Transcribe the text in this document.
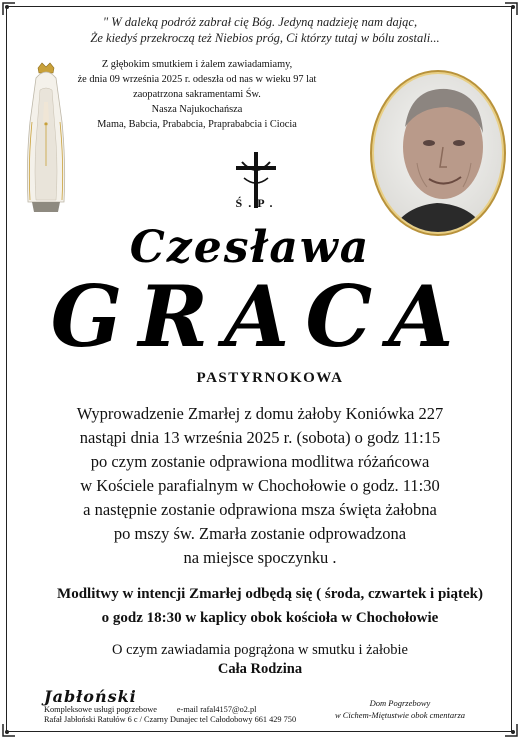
" W daleką podróż zabrał cię Bóg. Jedyną nadzieję nam dając,
Że kiedyś przekroczą też Niebios próg, Ci którzy tutaj w bólu zostali...
Z głębokim smutkiem i żalem zawiadamiamy,
że dnia 09 września 2025 r. odeszła od nas w wieku 97 lat
zaopatrzona sakramentami Św.
Nasza Najukochańsza
Mama, Babcia, Prababcia, Praprababcia i Ciocia
Ś.P.
Czesława
GRACA
PASTYRNOKOWA
Wyprowadzenie Zmarłej z domu żałoby Koniówka 227
nastąpi dnia 13 września 2025 r. (sobota) o godz 11:15
po czym zostanie odprawiona modlitwa różańcowa
w Kościele parafialnym w Chochołowie o godz. 11:30
a następnie zostanie odprawiona msza święta żałobna
po mszy św. Zmarła zostanie odprowadzona
na miejsce spoczynku .
Modlitwy w intencji Zmarłej odbędą się ( środa, czwartek i piątek)
o godz 18:30 w kaplicy obok kościoła w Chochołowie
O czym zawiadamia pogrążona w smutku i żałobie
Cała Rodzina
Jabłoński
Kompleksowe usługi pogrzebowe e-mail rafal4157@o2.pl
Rafał Jabłoński Ratułów 6 c / Czarny Dunajec tel Całodobowy 661 429 750
Dom Pogrzebowy
w Cichem-Miętustwie obok cmentarza
